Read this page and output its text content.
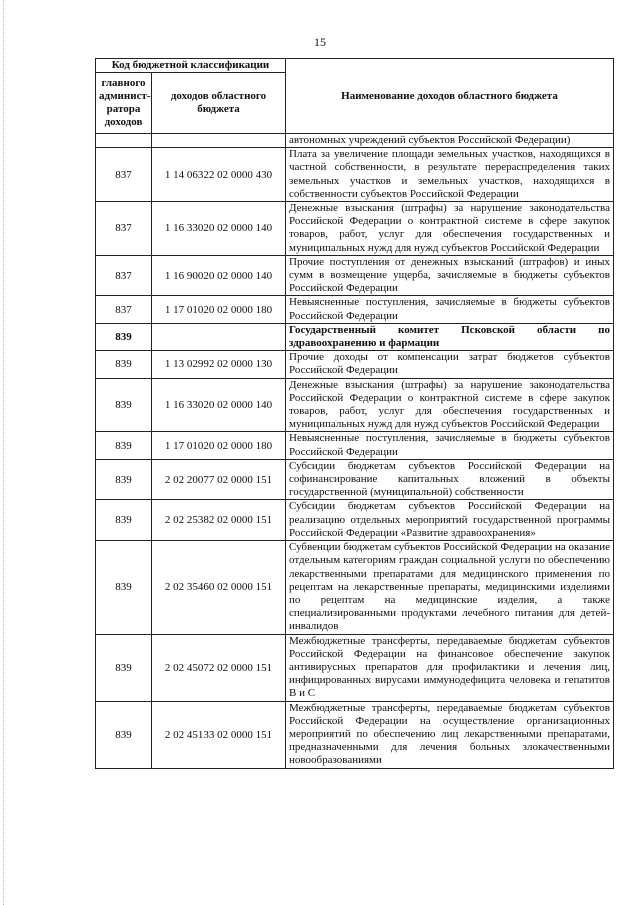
15
Код бюджетной классификации		Наименование доходов областного бюджета
главного админист-ратора доходов	доходов областного бюджета	
		автономных учреждений субъектов Российской Федерации)
837	1 14 06322 02 0000 430	Плата за увеличение площади земельных участков, находящихся в частной собственности, в результате перераспределения таких земельных участков и земельных участков, находящихся в собственности субъектов Российской Федерации
837	1 16 33020 02 0000 140	Денежные взыскания (штрафы) за нарушение законодательства Российской Федерации о контрактной системе в сфере закупок товаров, работ, услуг для обеспечения государственных и муниципальных нужд для нужд субъектов Российской Федерации
837	1 16 90020 02 0000 140	Прочие поступления от денежных взысканий (штрафов) и иных сумм в возмещение ущерба, зачисляемые в бюджеты субъектов Российской Федерации
837	1 17 01020 02 0000 180	Невыясненные поступления, зачисляемые в бюджеты субъектов Российской Федерации
839		Государственный комитет Псковской области по здравоохранению и фармации
839	1 13 02992 02 0000 130	Прочие доходы от компенсации затрат бюджетов субъектов Российской Федерации
839	1 16 33020 02 0000 140	Денежные взыскания (штрафы) за нарушение законодательства Российской Федерации о контрактной системе в сфере закупок товаров, работ, услуг для обеспечения государственных и муниципальных нужд для нужд субъектов Российской Федерации
839	1 17 01020 02 0000 180	Невыясненные поступления, зачисляемые в бюджеты субъектов Российской Федерации
839	2 02 20077 02 0000 151	Субсидии бюджетам субъектов Российской Федерации на софинансирование капитальных вложений в объекты государственной (муниципальной) собственности
839	2 02 25382 02 0000 151	Субсидии бюджетам субъектов Российской Федерации на реализацию отдельных мероприятий государственной программы Российской Федерации «Развитие здравоохранения»
839	2 02 35460 02 0000 151	Субвенции бюджетам субъектов Российской Федерации на оказание отдельным категориям граждан социальной услуги по обеспечению лекарственными препаратами для медицинского применения по рецептам на лекарственные препараты, медицинскими изделиями по рецептам на медицинские изделия, а также специализированными продуктами лечебного питания для детей-инвалидов
839	2 02 45072 02 0000 151	Межбюджетные трансферты, передаваемые бюджетам субъектов Российской Федерации на финансовое обеспечение закупок антивирусных препаратов для профилактики и лечения лиц, инфицированных вирусами иммунодефицита человека и гепатитов В и С
839	2 02 45133 02 0000 151	Межбюджетные трансферты, передаваемые бюджетам субъектов Российской Федерации на осуществление организационных мероприятий по обеспечению лиц лекарственными препаратами, предназначенными для лечения больных злокачественными новообразованиями
